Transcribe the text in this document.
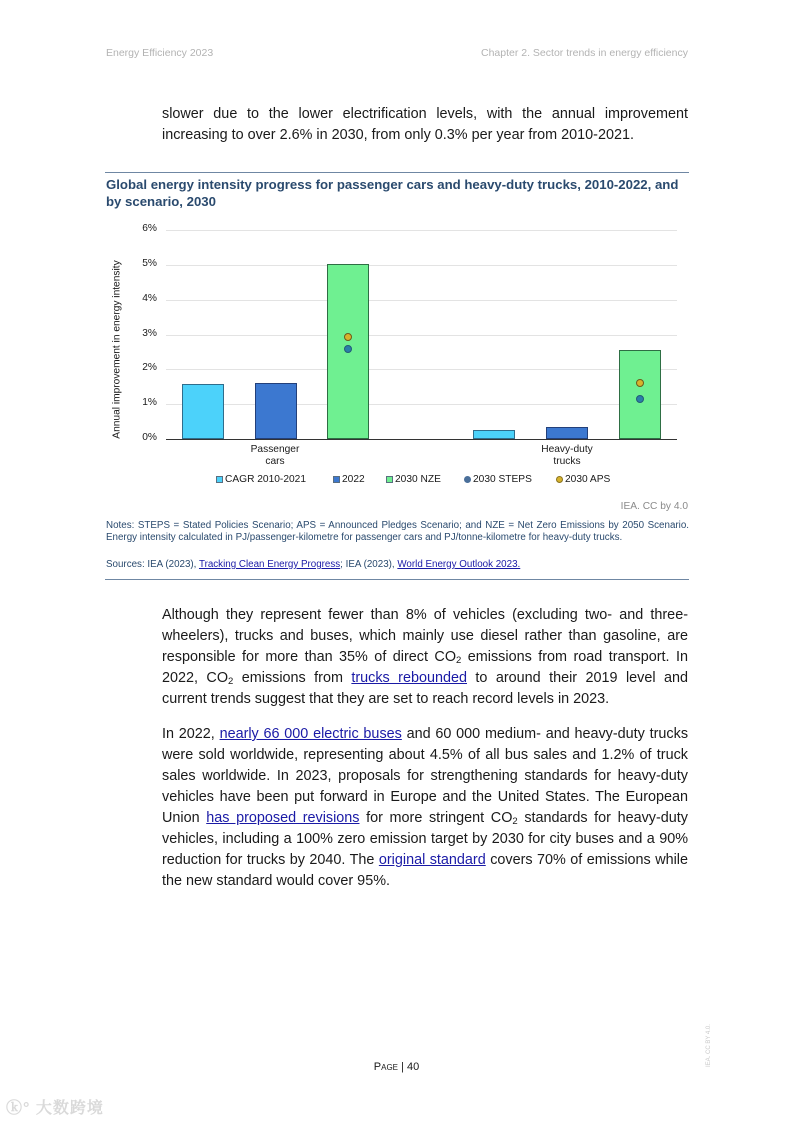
Energy Efficiency 2023	Chapter 2. Sector trends in energy efficiency

slower due to the lower electrification levels, with the annual improvement increasing to over 2.6% in 2030, from only 0.3% per year from 2010-2021.

Global energy intensity progress for passenger cars and heavy-duty trucks, 2010-2022, and by scenario, 2030
Annual improvement in energy intensity
6%
5%
4%
3%
2%
1%
0%
Passenger
cars
Heavy-duty
trucks
CAGR 2010-2021	2022	2030 NZE	2030 STEPS	2030 APS
IEA. CC by 4.0
Notes: STEPS = Stated Policies Scenario; APS = Announced Pledges Scenario; and NZE = Net Zero Emissions by 2050 Scenario. Energy intensity calculated in PJ/passenger-kilometre for passenger cars and PJ/tonne-kilometre for heavy-duty trucks.
Sources: IEA (2023), Tracking Clean Energy Progress; IEA (2023), World Energy Outlook 2023.

Although they represent fewer than 8% of vehicles (excluding two- and three-wheelers), trucks and buses, which mainly use diesel rather than gasoline, are responsible for more than 35% of direct $CO_2$ emissions from road transport. In 2022, $CO_2$ emissions from trucks rebounded to around their 2019 level and current trends suggest that they are set to reach record levels in 2023.

In 2022, nearly 66 000 electric buses and 60 000 medium- and heavy-duty trucks were sold worldwide, representing about 4.5% of all bus sales and 1.2% of truck sales worldwide. In 2023, proposals for strengthening standards for heavy-duty vehicles have been put forward in Europe and the United States. The European Union has proposed revisions for more stringent $CO_2$ standards for heavy-duty vehicles, including a 100% zero emission target by 2030 for city buses and a 90% reduction for trucks by 2040. The original standard covers 70% of emissions while the new standard would cover 95%.

IEA. CC BY 4.0.
Page | 40
ⓚ° 大数跨境
